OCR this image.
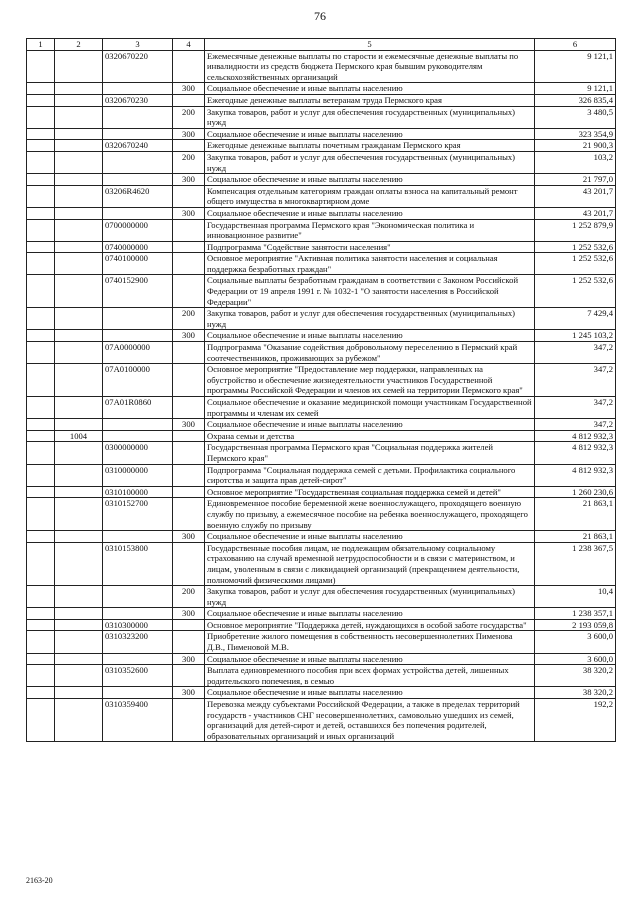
76
1	2	3	4	5	6
		0320670220		Ежемесячные денежные выплаты по старости и ежемесячные денежные выплаты по инвалидности из средств бюджета Пермского края бывшим руководителям сельскохозяйственных организаций	9 121,1
			300	Социальное обеспечение и иные выплаты населению	9 121,1
		0320670230		Ежегодные денежные выплаты ветеранам труда Пермского края	326 835,4
			200	Закупка товаров, работ и услуг для обеспечения государственных (муниципальных) нужд	3 480,5
			300	Социальное обеспечение и иные выплаты населению	323 354,9
		0320670240		Ежегодные денежные выплаты почетным гражданам Пермского края	21 900,3
			200	Закупка товаров, работ и услуг для обеспечения государственных (муниципальных) нужд	103,2
			300	Социальное обеспечение и иные выплаты населению	21 797,0
		03206R4620		Компенсация отдельным категориям граждан оплаты взноса на капитальный ремонт общего имущества в многоквартирном доме	43 201,7
			300	Социальное обеспечение и иные выплаты населению	43 201,7
		0700000000		Государственная программа Пермского края "Экономическая политика и инновационное развитие"	1 252 879,9
		0740000000		Подпрограмма "Содействие занятости населения"	1 252 532,6
		0740100000		Основное мероприятие "Активная политика занятости населения и социальная поддержка безработных граждан"	1 252 532,6
		0740152900		Социальные выплаты безработным гражданам в соответствии с Законом Российской Федерации от 19 апреля 1991 г. № 1032-1 "О занятости населения в Российской Федерации"	1 252 532,6
			200	Закупка товаров, работ и услуг для обеспечения государственных (муниципальных) нужд	7 429,4
			300	Социальное обеспечение и иные выплаты населению	1 245 103,2
		07А0000000		Подпрограмма "Оказание содействия добровольному переселению в Пермский край соотечественников, проживающих за рубежом"	347,2
		07А0100000		Основное мероприятие "Предоставление мер поддержки, направленных на обустройство и обеспечение жизнедеятельности участников Государственной программы Российской Федерации и членов их семей на территории Пермского края"	347,2
		07А01R0860		Социальное обеспечение и оказание медицинской помощи участникам Государственной программы и членам их семей	347,2
			300	Социальное обеспечение и иные выплаты населению	347,2
	1004			Охрана семьи и детства	4 812 932,3
		0300000000		Государственная программа Пермского края "Социальная поддержка жителей Пермского края"	4 812 932,3
		0310000000		Подпрограмма "Социальная поддержка семей с детьми. Профилактика социального сиротства и защита прав детей-сирот"	4 812 932,3
		0310100000		Основное мероприятие "Государственная социальная поддержка семей и детей"	1 260 230,6
		0310152700		Единовременное пособие беременной жене военнослужащего, проходящего военную службу по призыву, а ежемесячное пособие на ребенка военнослужащего, проходящего военную службу по призыву	21 863,1
			300	Социальное обеспечение и иные выплаты населению	21 863,1
		0310153800		Государственные пособия лицам, не подлежащим обязательному социальному страхованию на случай временной нетрудоспособности и в связи с материнством, и лицам, уволенным в связи с ликвидацией организаций (прекращением деятельности, полномочий физическими лицами)	1 238 367,5
			200	Закупка товаров, работ и услуг для обеспечения государственных (муниципальных) нужд	10,4
			300	Социальное обеспечение и иные выплаты населению	1 238 357,1
		0310300000		Основное мероприятие "Поддержка детей, нуждающихся в особой заботе государства"	2 193 059,8
		0310323200		Приобретение жилого помещения в собственность несовершеннолетних Пименова Д.В., Пименовой М.В.	3 600,0
			300	Социальное обеспечение и иные выплаты населению	3 600,0
		0310352600		Выплата единовременного пособия при всех формах устройства детей, лишенных родительского попечения, в семью	38 320,2
			300	Социальное обеспечение и иные выплаты населению	38 320,2
		0310359400		Перевозка между субъектами Российской Федерации, а также в пределах территорий государств - участников СНГ несовершеннолетних, самовольно ушедших из семей, организаций для детей-сирот и детей, оставшихся без попечения родителей, образовательных организаций и иных организаций	192,2
2163-20
